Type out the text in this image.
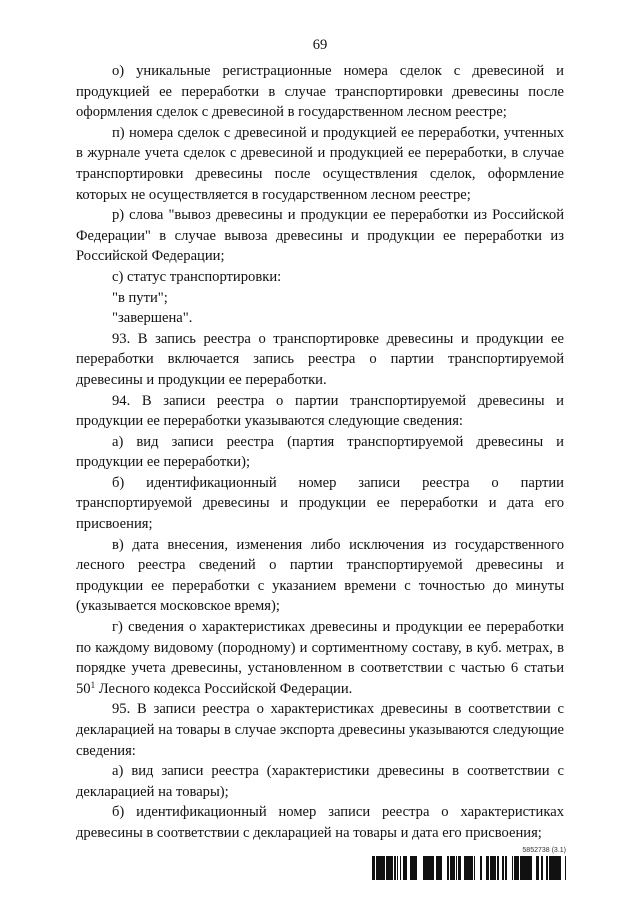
69

о) уникальные регистрационные номера сделок с древесиной и продукцией ее переработки в случае транспортировки древесины после оформления сделок с древесиной в государственном лесном реестре;

п) номера сделок с древесиной и продукцией ее переработки, учтенных в журнале учета сделок с древесиной и продукцией ее переработки, в случае транспортировки древесины после осуществления сделок, оформление которых не осуществляется в государственном лесном реестре;

р) слова "вывоз древесины и продукции ее переработки из Российской Федерации" в случае вывоза древесины и продукции ее переработки из Российской Федерации;

с) статус транспортировки:

"в пути";

"завершена".

93. В запись реестра о транспортировке древесины и продукции ее переработки включается запись реестра о партии транспортируемой древесины и продукции ее переработки.

94. В записи реестра о партии транспортируемой древесины и продукции ее переработки указываются следующие сведения:

а) вид записи реестра (партия транспортируемой древесины и продукции ее переработки);

б) идентификационный номер записи реестра о партии транспортируемой древесины и продукции ее переработки и дата его присвоения;

в) дата внесения, изменения либо исключения из государственного лесного реестра сведений о партии транспортируемой древесины и продукции ее переработки с указанием времени с точностью до минуты (указывается московское время);

г) сведения о характеристиках древесины и продукции ее переработки по каждому видовому (породному) и сортиментному составу, в куб. метрах, в порядке учета древесины, установленном в соответствии с частью 6 статьи $50^1$ Лесного кодекса Российской Федерации.

95. В записи реестра о характеристиках древесины в соответствии с декларацией на товары в случае экспорта древесины указываются следующие сведения:

а) вид записи реестра (характеристики древесины в соответствии с декларацией на товары);

б) идентификационный номер записи реестра о характеристиках древесины в соответствии с декларацией на товары и дата его присвоения;

5852738 (3.1)
